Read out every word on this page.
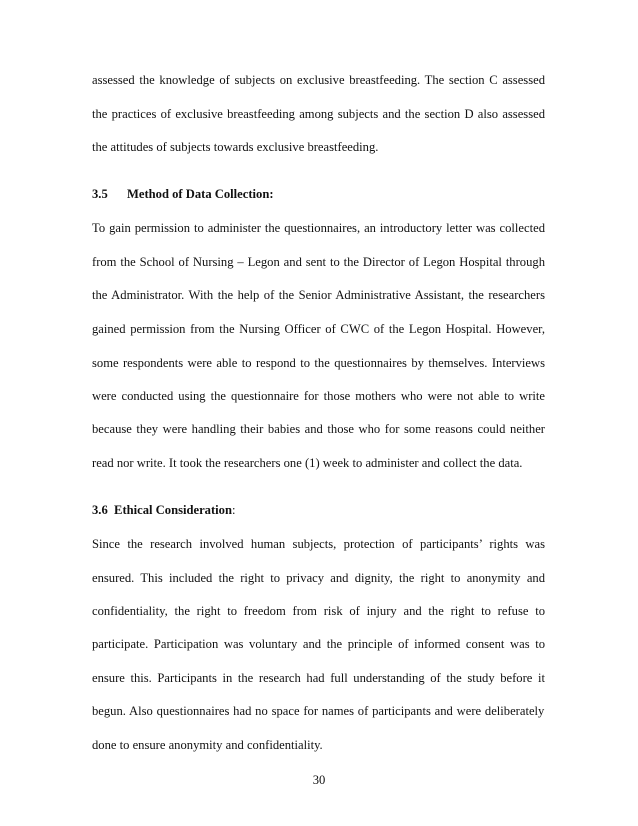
assessed the knowledge of subjects on exclusive breastfeeding. The section C assessed
the practices of exclusive breastfeeding among subjects and the section D also assessed
the attitudes of subjects towards exclusive breastfeeding.
3.5 Method of Data Collection:
To gain permission to administer the questionnaires, an introductory letter was collected
from the School of Nursing – Legon and sent to the Director of Legon Hospital through
the Administrator. With the help of the Senior Administrative Assistant, the researchers
gained permission from the Nursing Officer of CWC of the Legon Hospital. However,
some respondents were able to respond to the questionnaires by themselves. Interviews
were conducted using the questionnaire for those mothers who were not able to write
because they were handling their babies and those who for some reasons could neither
read nor write. It took the researchers one (1) week to administer and collect the data.
3.6 Ethical Consideration:
Since the research involved human subjects, protection of participants’ rights was
ensured. This included the right to privacy and dignity, the right to anonymity and
confidentiality, the right to freedom from risk of injury and the right to refuse to
participate. Participation was voluntary and the principle of informed consent was to
ensure this. Participants in the research had full understanding of the study before it
begun. Also questionnaires had no space for names of participants and were deliberately
done to ensure anonymity and confidentiality.
30
